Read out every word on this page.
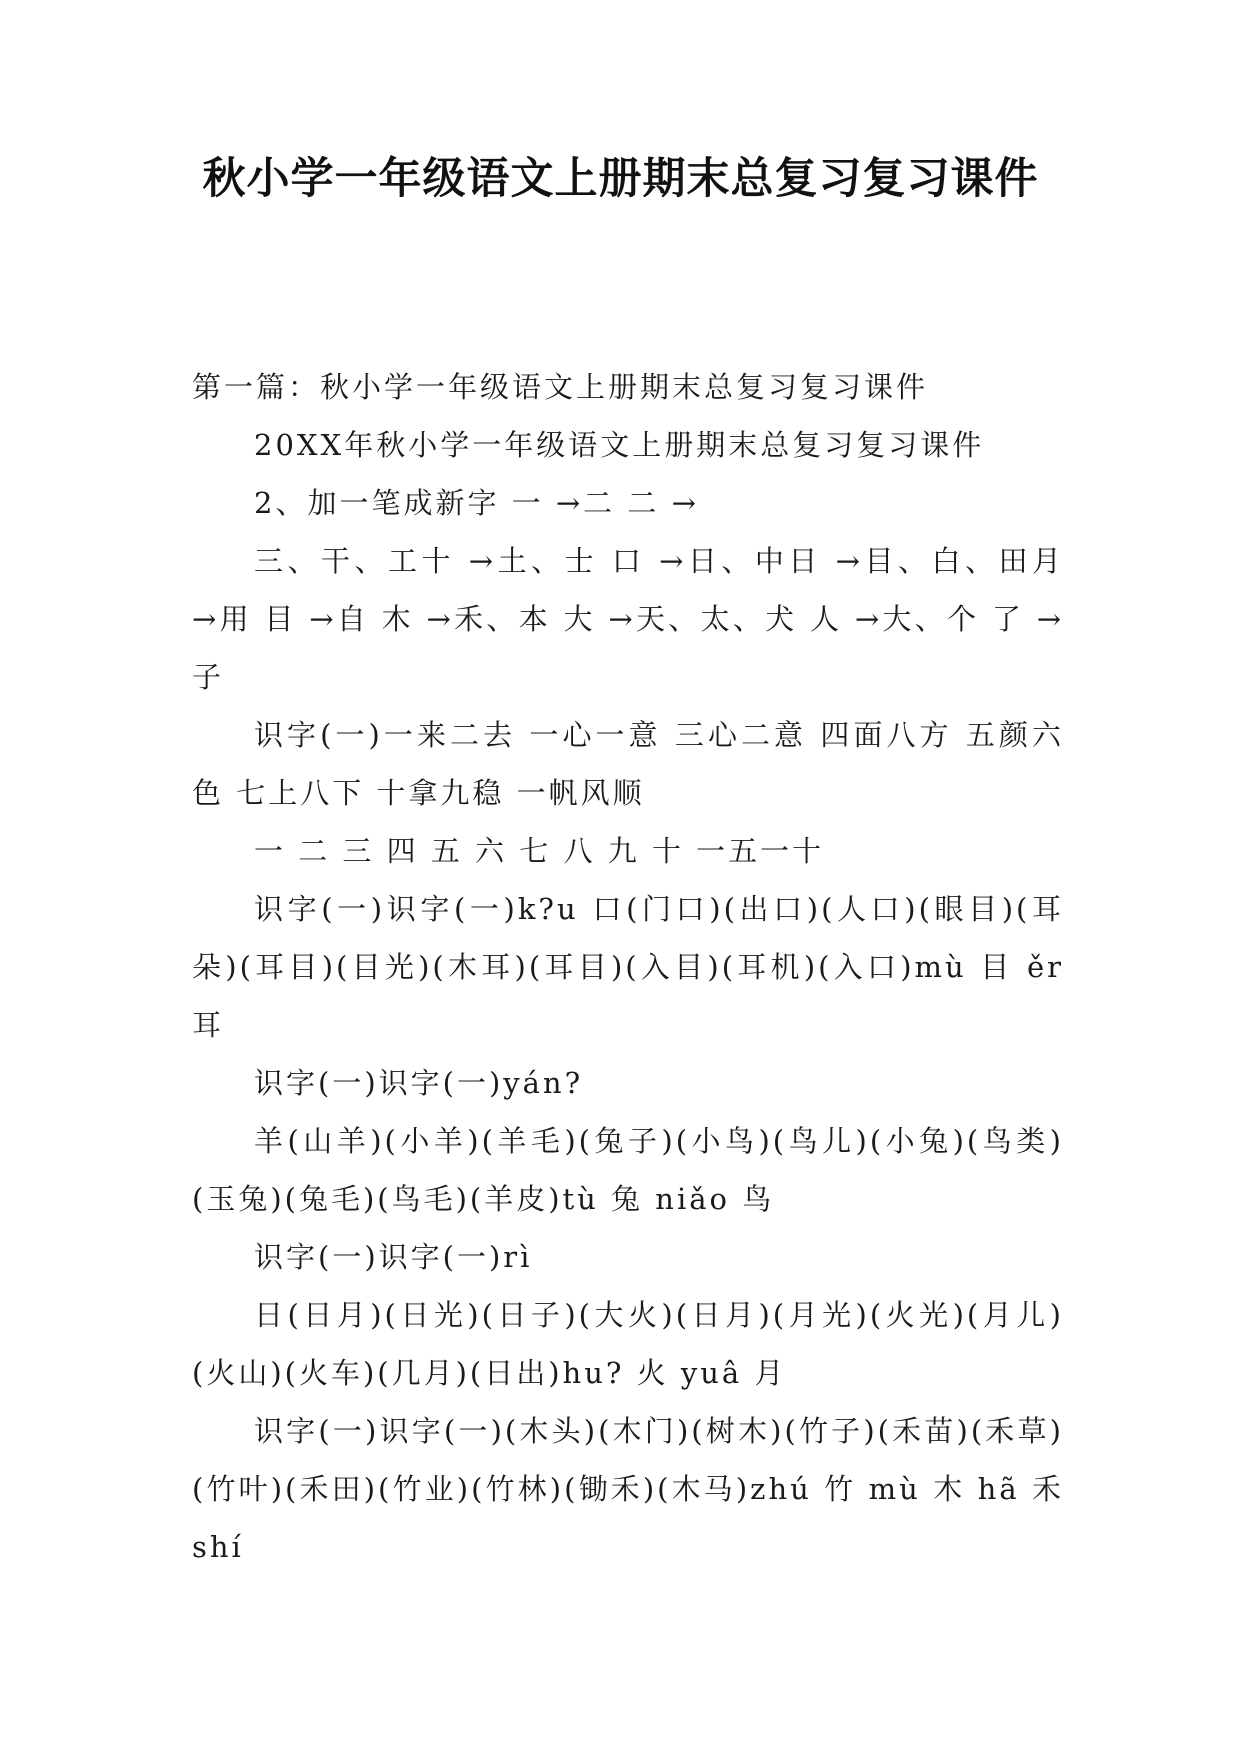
秋小学一年级语文上册期末总复习复习课件

第一篇：秋小学一年级语文上册期末总复习复习课件

20XX年秋小学一年级语文上册期末总复习复习课件

2、加一笔成新字 一 →二 二 →

三、干、工十 →土、士 口 →日、中日 →目、白、田月 →用 目 →自 木 →禾、本 大 →天、太、犬 人 →大、个 了 →子

识字(一)一来二去 一心一意 三心二意 四面八方 五颜六色 七上八下 十拿九稳 一帆风顺

一 二 三 四 五 六 七 八 九 十 一五一十

识字(一)识字(一)k?u 口(门口)(出口)(人口)(眼目)(耳朵)(耳目)(目光)(木耳)(耳目)(入目)(耳机)(入口)mù 目 ěr 耳

识字(一)识字(一)yán?

羊(山羊)(小羊)(羊毛)(兔子)(小鸟)(鸟儿)(小兔)(鸟类)(玉兔)(兔毛)(鸟毛)(羊皮)tù 兔 niǎo 鸟

识字(一)识字(一)rì

日(日月)(日光)(日子)(大火)(日月)(月光)(火光)(月儿)(火山)(火车)(几月)(日出)hu? 火 yuâ 月

识字(一)识字(一)(木头)(木门)(树木)(竹子)(禾苗)(禾草)(竹叶)(禾田)(竹业)(竹林)(锄禾)(木马)zhú 竹 mù 木 hã 禾 shí
